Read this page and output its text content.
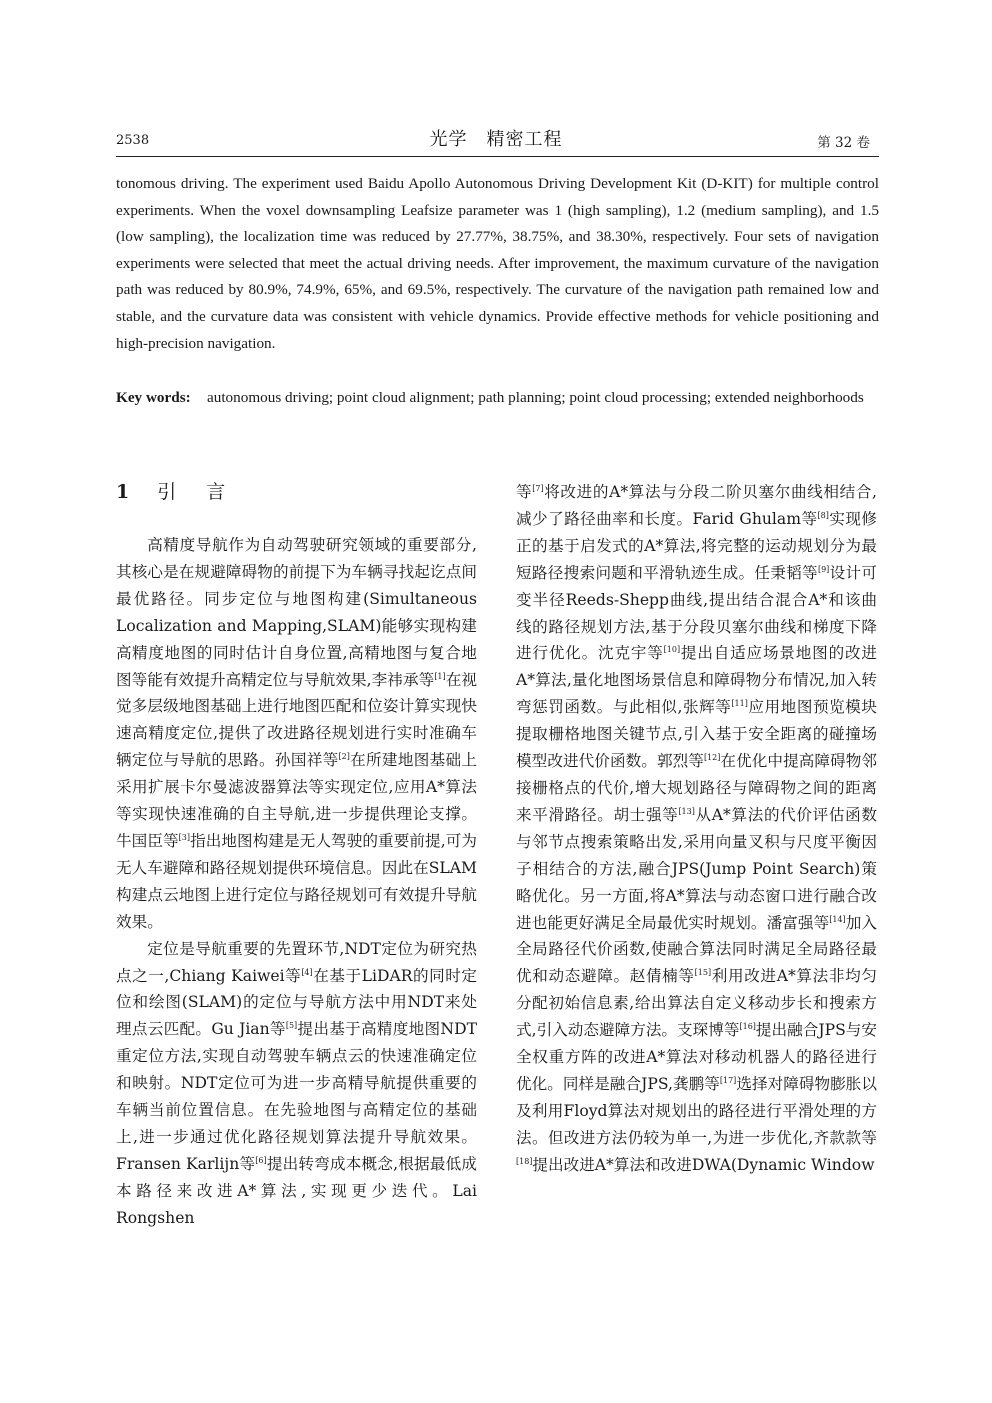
2538	光学　精密工程	第 32 卷
tonomous driving. The experiment used Baidu Apollo Autonomous Driving Development Kit (D-KIT) for multiple control experiments. When the voxel downsampling Leafsize parameter was 1 (high sampling), 1.2 (medium sampling), and 1.5 (low sampling), the localization time was reduced by 27.77%, 38.75%, and 38.30%, respectively. Four sets of navigation experiments were selected that meet the actual driving needs. After improvement, the maximum curvature of the navigation path was reduced by 80.9%, 74.9%, 65%, and 69.5%, respectively. The curvature of the navigation path remained low and stable, and the curvature data was consistent with vehicle dynamics. Provide effective methods for vehicle positioning and high-precision navigation.
Key words:	autonomous driving; point cloud alignment; path planning; point cloud processing; extended neighborhoods
1 引言

高精度导航作为自动驾驶研究领域的重要部分,其核心是在规避障碍物的前提下为车辆寻找起讫点间最优路径。同步定位与地图构建(Simultaneous Localization and Mapping,SLAM)能够实现构建高精度地图的同时估计自身位置,高精地图与复合地图等能有效提升高精定位与导航效果,李祎承等[1]在视觉多层级地图基础上进行地图匹配和位姿计算实现快速高精度定位,提供了改进路径规划进行实时准确车辆定位与导航的思路。孙国祥等[2]在所建地图基础上采用扩展卡尔曼滤波器算法等实现定位,应用A*算法等实现快速准确的自主导航,进一步提供理论支撑。牛国臣等[3]指出地图构建是无人驾驶的重要前提,可为无人车避障和路径规划提供环境信息。因此在SLAM构建点云地图上进行定位与路径规划可有效提升导航效果。

定位是导航重要的先置环节,NDT定位为研究热点之一,Chiang Kaiwei等[4]在基于LiDAR的同时定位和绘图(SLAM)的定位与导航方法中用NDT来处理点云匹配。Gu Jian等[5]提出基于高精度地图NDT重定位方法,实现自动驾驶车辆点云的快速准确定位和映射。NDT定位可为进一步高精导航提供重要的车辆当前位置信息。在先验地图与高精定位的基础上,进一步通过优化路径规划算法提升导航效果。Fransen Karlijn等[6]提出转弯成本概念,根据最低成本路径来改进A*算法,实现更少迭代。Lai Rongshen

等[7]将改进的A*算法与分段二阶贝塞尔曲线相结合,减少了路径曲率和长度。Farid Ghulam等[8]实现修正的基于启发式的A*算法,将完整的运动规划分为最短路径搜索问题和平滑轨迹生成。任秉韬等[9]设计可变半径Reeds-Shepp曲线,提出结合混合A*和该曲线的路径规划方法,基于分段贝塞尔曲线和梯度下降进行优化。沈克宇等[10]提出自适应场景地图的改进A*算法,量化地图场景信息和障碍物分布情况,加入转弯惩罚函数。与此相似,张辉等[11]应用地图预览模块提取栅格地图关键节点,引入基于安全距离的碰撞场模型改进代价函数。郭烈等[12]在优化中提高障碍物邻接栅格点的代价,增大规划路径与障碍物之间的距离来平滑路径。胡士强等[13]从A*算法的代价评估函数与邻节点搜索策略出发,采用向量叉积与尺度平衡因子相结合的方法,融合JPS(Jump Point Search)策略优化。另一方面,将A*算法与动态窗口进行融合改进也能更好满足全局最优实时规划。潘富强等[14]加入全局路径代价函数,使融合算法同时满足全局路径最优和动态避障。赵倩楠等[15]利用改进A*算法非均匀分配初始信息素,给出算法自定义移动步长和搜索方式,引入动态避障方法。支琛博等[16]提出融合JPS与安全权重方阵的改进A*算法对移动机器人的路径进行优化。同样是融合JPS,龚鹏等[17]选择对障碍物膨胀以及利用Floyd算法对规划出的路径进行平滑处理的方法。但改进方法仍较为单一,为进一步优化,齐款款等[18]提出改进A*算法和改进DWA(Dynamic Window
